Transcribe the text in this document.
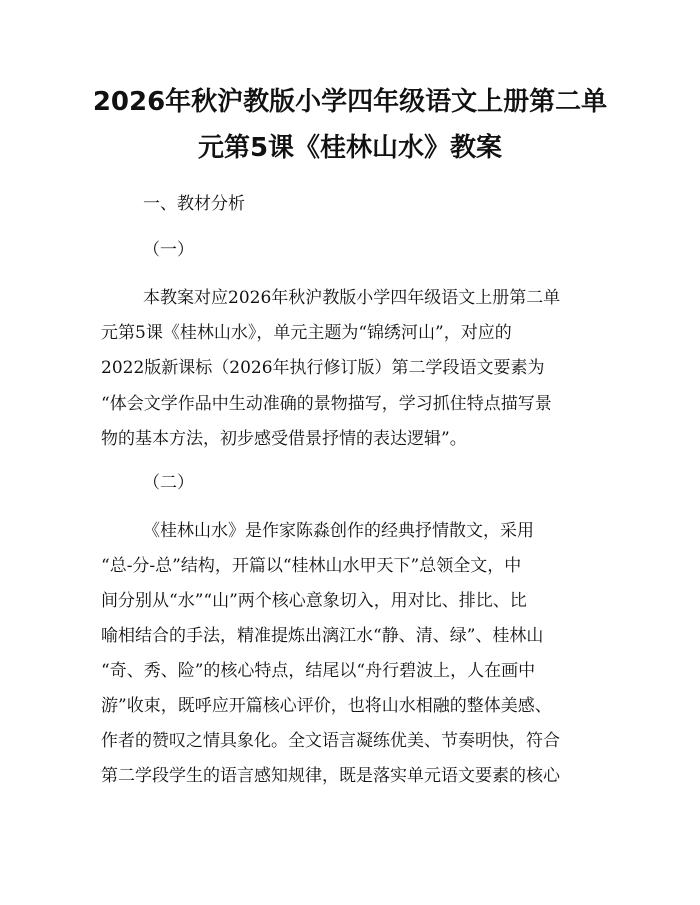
2026年秋沪教版小学四年级语文上册第二单
元第5课《桂林山水》教案
一、教材分析
（一）
本教案对应2026年秋沪教版小学四年级语文上册第二单
元第5课《桂林山水》，单元主题为“锦绣河山”，对应的
2022版新课标（2026年执行修订版）第二学段语文要素为
“体会文学作品中生动准确的景物描写，学习抓住特点描写景
物的基本方法，初步感受借景抒情的表达逻辑”。
（二）
《桂林山水》是作家陈淼创作的经典抒情散文，采用
“总-分-总”结构，开篇以“桂林山水甲天下”总领全文，中
间分别从“水”“山”两个核心意象切入，用对比、排比、比
喻相结合的手法，精准提炼出漓江水“静、清、绿”、桂林山
“奇、秀、险”的核心特点，结尾以“舟行碧波上，人在画中
游”收束，既呼应开篇核心评价，也将山水相融的整体美感、
作者的赞叹之情具象化。全文语言凝练优美、节奏明快，符合
第二学段学生的语言感知规律，既是落实单元语文要素的核心
